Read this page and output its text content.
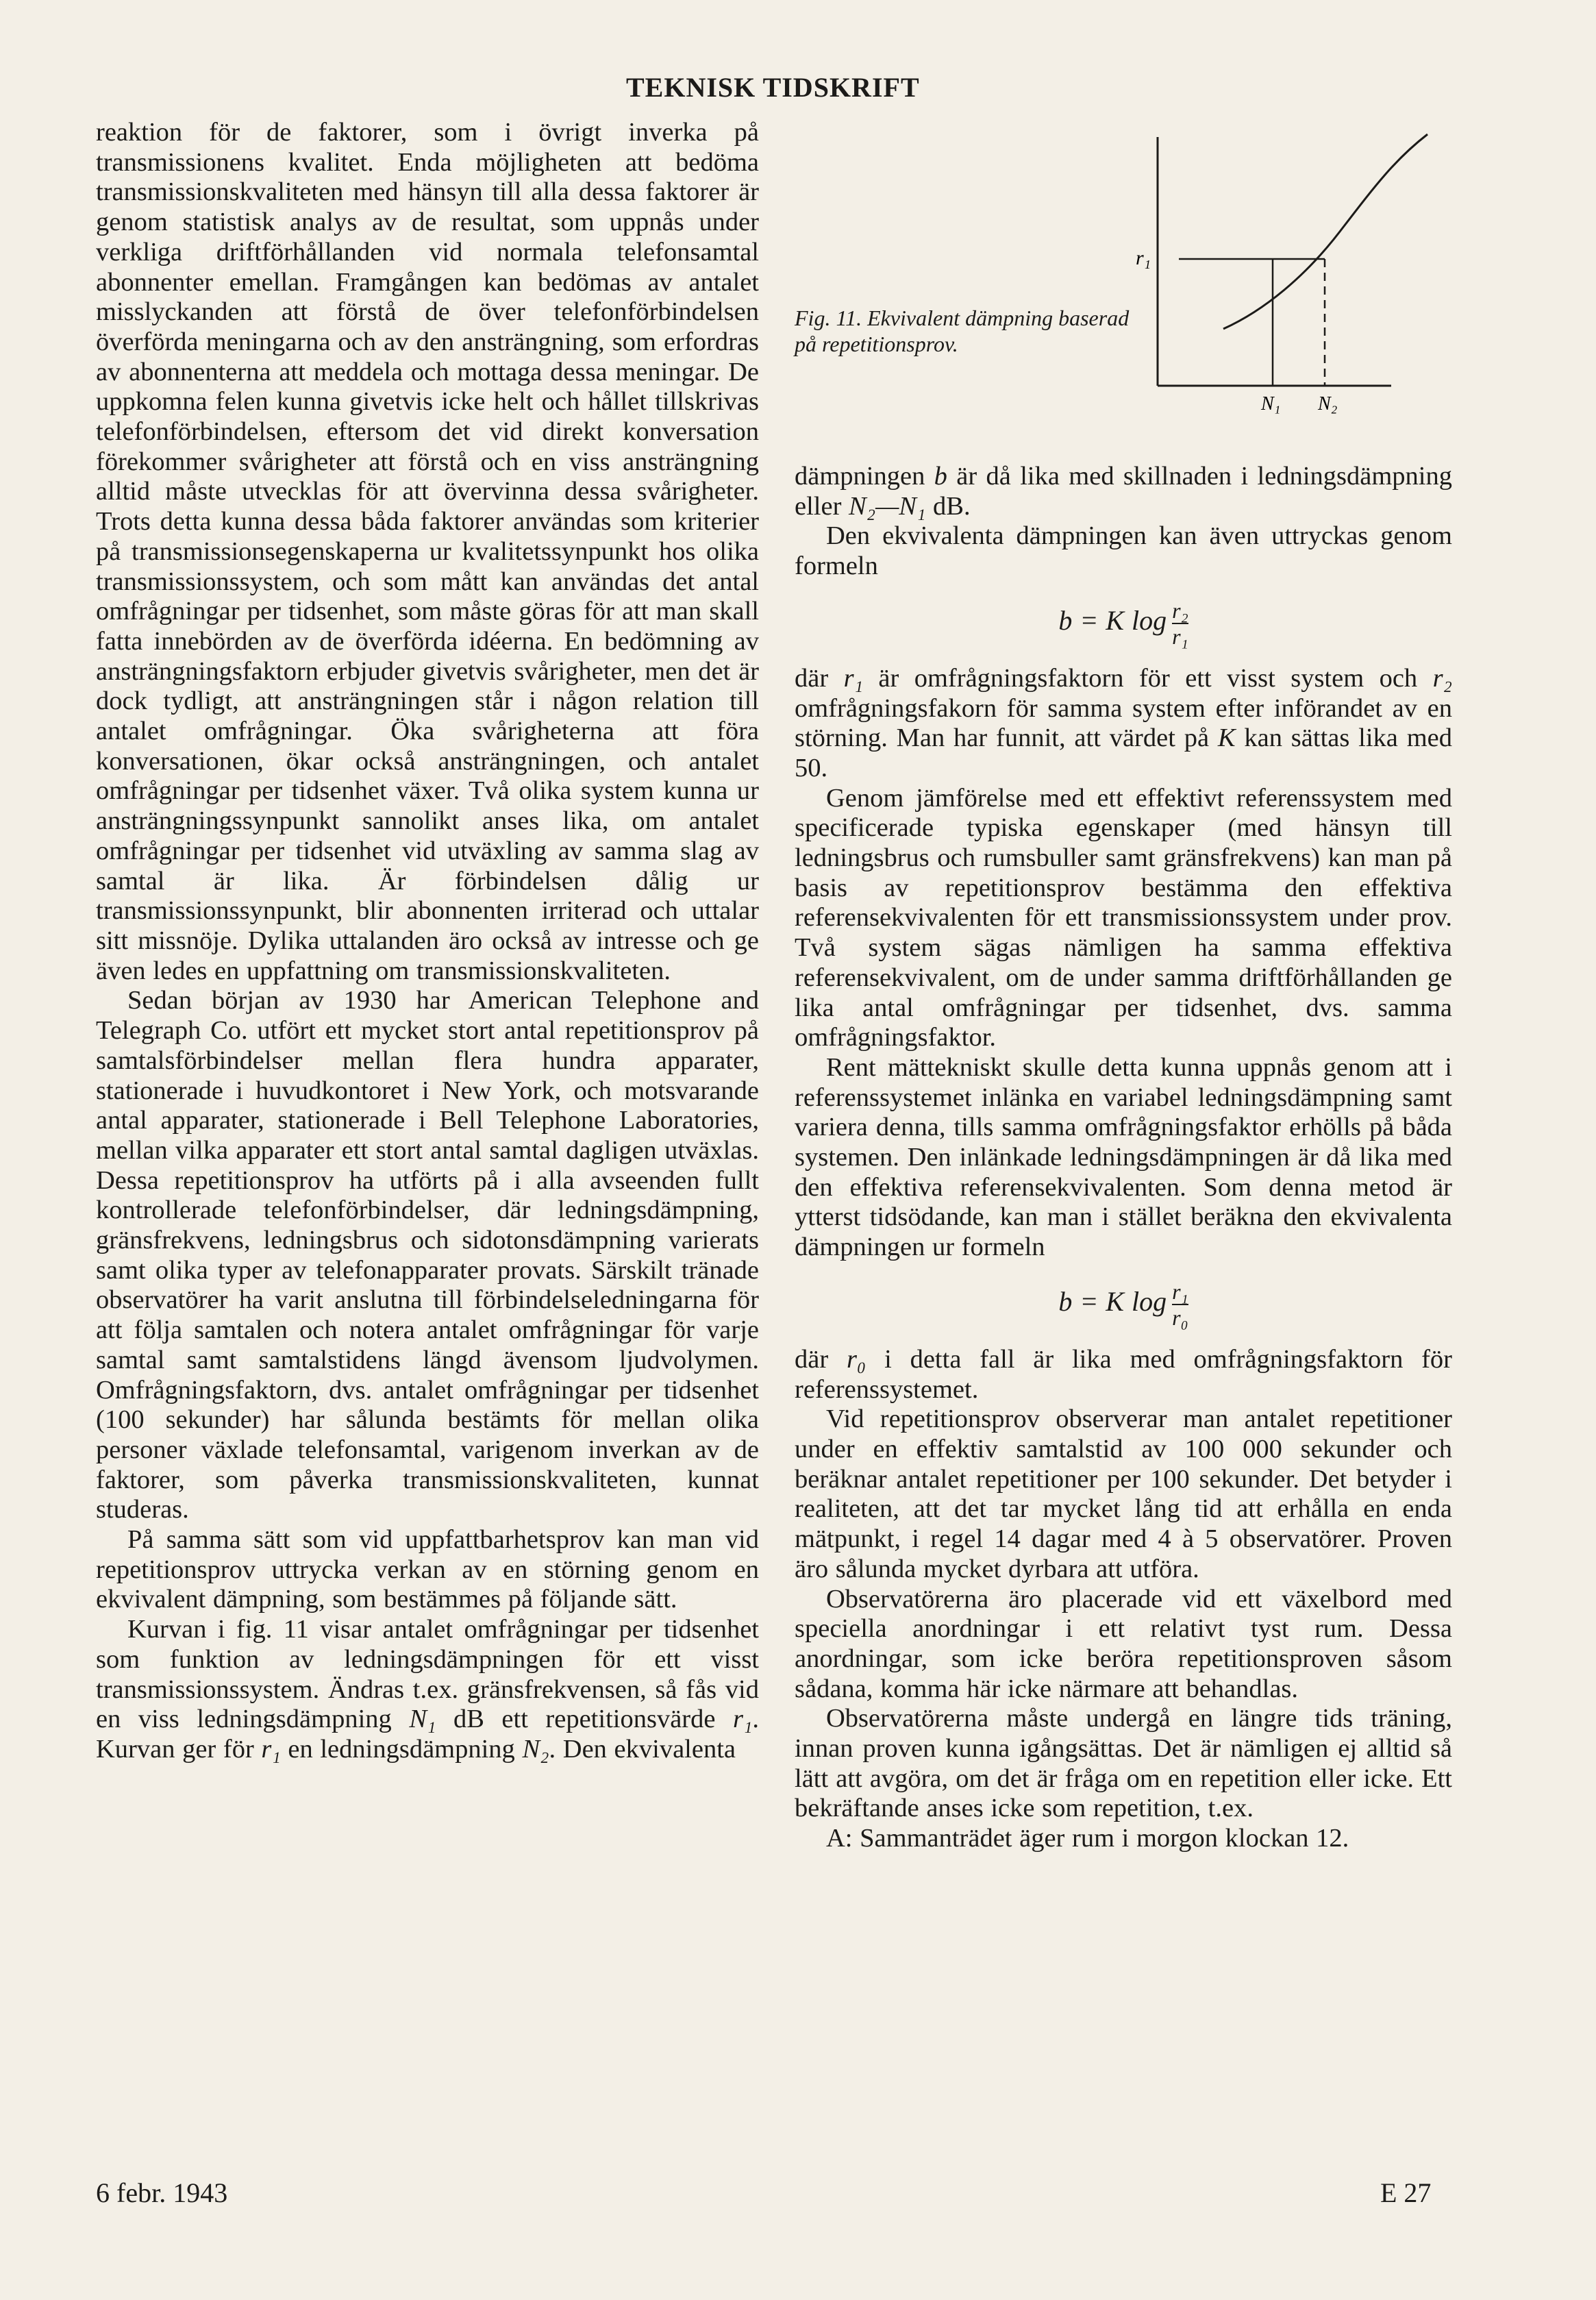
TEKNISK TIDSKRIFT

reaktion för de faktorer, som i övrigt inverka på transmissionens kvalitet. Enda möjligheten att bedöma transmissionskvaliteten med hänsyn till alla dessa faktorer är genom statistisk analys av de resultat, som uppnås under verkliga driftförhållanden vid normala telefonsamtal abonnenter emellan. Framgången kan bedömas av antalet misslyckanden att förstå de över telefonförbindelsen överförda meningarna och av den ansträngning, som erfordras av abonnenterna att meddela och mottaga dessa meningar. De uppkomna felen kunna givetvis icke helt och hållet tillskrivas telefonförbindelsen, eftersom det vid direkt konversation förekommer svårigheter att förstå och en viss ansträngning alltid måste utvecklas för att övervinna dessa svårigheter. Trots detta kunna dessa båda faktorer användas som kriterier på transmissionsegenskaperna ur kvalitetssynpunkt hos olika transmissionssystem, och som mått kan användas det antal omfrågningar per tidsenhet, som måste göras för att man skall fatta innebörden av de överförda idéerna. En bedömning av ansträngningsfaktorn erbjuder givetvis svårigheter, men det är dock tydligt, att ansträngningen står i någon relation till antalet omfrågningar. Öka svårigheterna att föra konversationen, ökar också ansträngningen, och antalet omfrågningar per tidsenhet växer. Två olika system kunna ur ansträngningssynpunkt sannolikt anses lika, om antalet omfrågningar per tidsenhet vid utväxling av samma slag av samtal är lika. Är förbindelsen dålig ur transmissionssynpunkt, blir abonnenten irriterad och uttalar sitt missnöje. Dylika uttalanden äro också av intresse och ge även ledes en uppfattning om transmissionskvaliteten.

Sedan början av 1930 har American Telephone and Telegraph Co. utfört ett mycket stort antal repetitionsprov på samtalsförbindelser mellan flera hundra apparater, stationerade i huvudkontoret i New York, och motsvarande antal apparater, stationerade i Bell Telephone Laboratories, mellan vilka apparater ett stort antal samtal dagligen utväxlas. Dessa repetitionsprov ha utförts på i alla avseenden fullt kontrollerade telefonförbindelser, där ledningsdämpning, gränsfrekvens, ledningsbrus och sidotonsdämpning varierats samt olika typer av telefonapparater provats. Särskilt tränade observatörer ha varit anslutna till förbindelseledningarna för att följa samtalen och notera antalet omfrågningar för varje samtal samt samtalstidens längd ävensom ljudvolymen. Omfrågningsfaktorn, dvs. antalet omfrågningar per tidsenhet (100 sekunder) har sålunda bestämts för mellan olika personer växlade telefonsamtal, varigenom inverkan av de faktorer, som påverka transmissionskvaliteten, kunnat studeras.

På samma sätt som vid uppfattbarhetsprov kan man vid repetitionsprov uttrycka verkan av en störning genom en ekvivalent dämpning, som bestämmes på följande sätt.

Kurvan i fig. 11 visar antalet omfrågningar per tidsenhet som funktion av ledningsdämpningen för ett visst transmissionssystem. Ändras t.ex. gränsfrekvensen, så fås vid en viss ledningsdämpning N₁ dB ett repetitionsvärde r₁. Kurvan ger för r₁ en ledningsdämpning N₂. Den ekvivalenta

Fig. 11. Ekvivalent dämpning baserad på repetitionsprov.
r₁
N₁ N₂

dämpningen b är då lika med skillnaden i ledningsdämpning eller N₂—N₁ dB.

Den ekvivalenta dämpningen kan även uttryckas genom formeln

b = K $\log \frac{\text{r₂}}{\text{r₁}}$

där r₁ är omfrågningsfaktorn för ett visst system och r₂ omfrågningsfakorn för samma system efter införandet av en störning. Man har funnit, att värdet på K kan sättas lika med 50.

Genom jämförelse med ett effektivt referenssystem med specificerade typiska egenskaper (med hänsyn till ledningsbrus och rumsbuller samt gränsfrekvens) kan man på basis av repetitionsprov bestämma den effektiva referensekvivalenten för ett transmissionssystem under prov. Två system sägas nämligen ha samma effektiva referensekvivalent, om de under samma driftförhållanden ge lika antal omfrågningar per tidsenhet, dvs. samma omfrågningsfaktor.

Rent mättekniskt skulle detta kunna uppnås genom att i referenssystemet inlänka en variabel ledningsdämpning samt variera denna, tills samma omfrågningsfaktor erhölls på båda systemen. Den inlänkade ledningsdämpningen är då lika med den effektiva referensekvivalenten. Som denna metod är ytterst tidsödande, kan man i stället beräkna den ekvivalenta dämpningen ur formeln

b = K $\log \frac{\text{r₁}}{\text{r₀}}$

där r₀ i detta fall är lika med omfrågningsfaktorn för referenssystemet.

Vid repetitionsprov observerar man antalet repetitioner under en effektiv samtalstid av 100 000 sekunder och beräknar antalet repetitioner per 100 sekunder. Det betyder i realiteten, att det tar mycket lång tid att erhålla en enda mätpunkt, i regel 14 dagar med 4 à 5 observatörer. Proven äro sålunda mycket dyrbara att utföra.

Observatörerna äro placerade vid ett växelbord med speciella anordningar i ett relativt tyst rum. Dessa anordningar, som icke beröra repetitionsproven såsom sådana, komma här icke närmare att behandlas.

Observatörerna måste undergå en längre tids träning, innan proven kunna igångsättas. Det är nämligen ej alltid så lätt att avgöra, om det är fråga om en repetition eller icke. Ett bekräftande anses icke som repetition, t.ex.

A: Sammanträdet äger rum i morgon klockan 12.

6 febr. 1943	E 27
